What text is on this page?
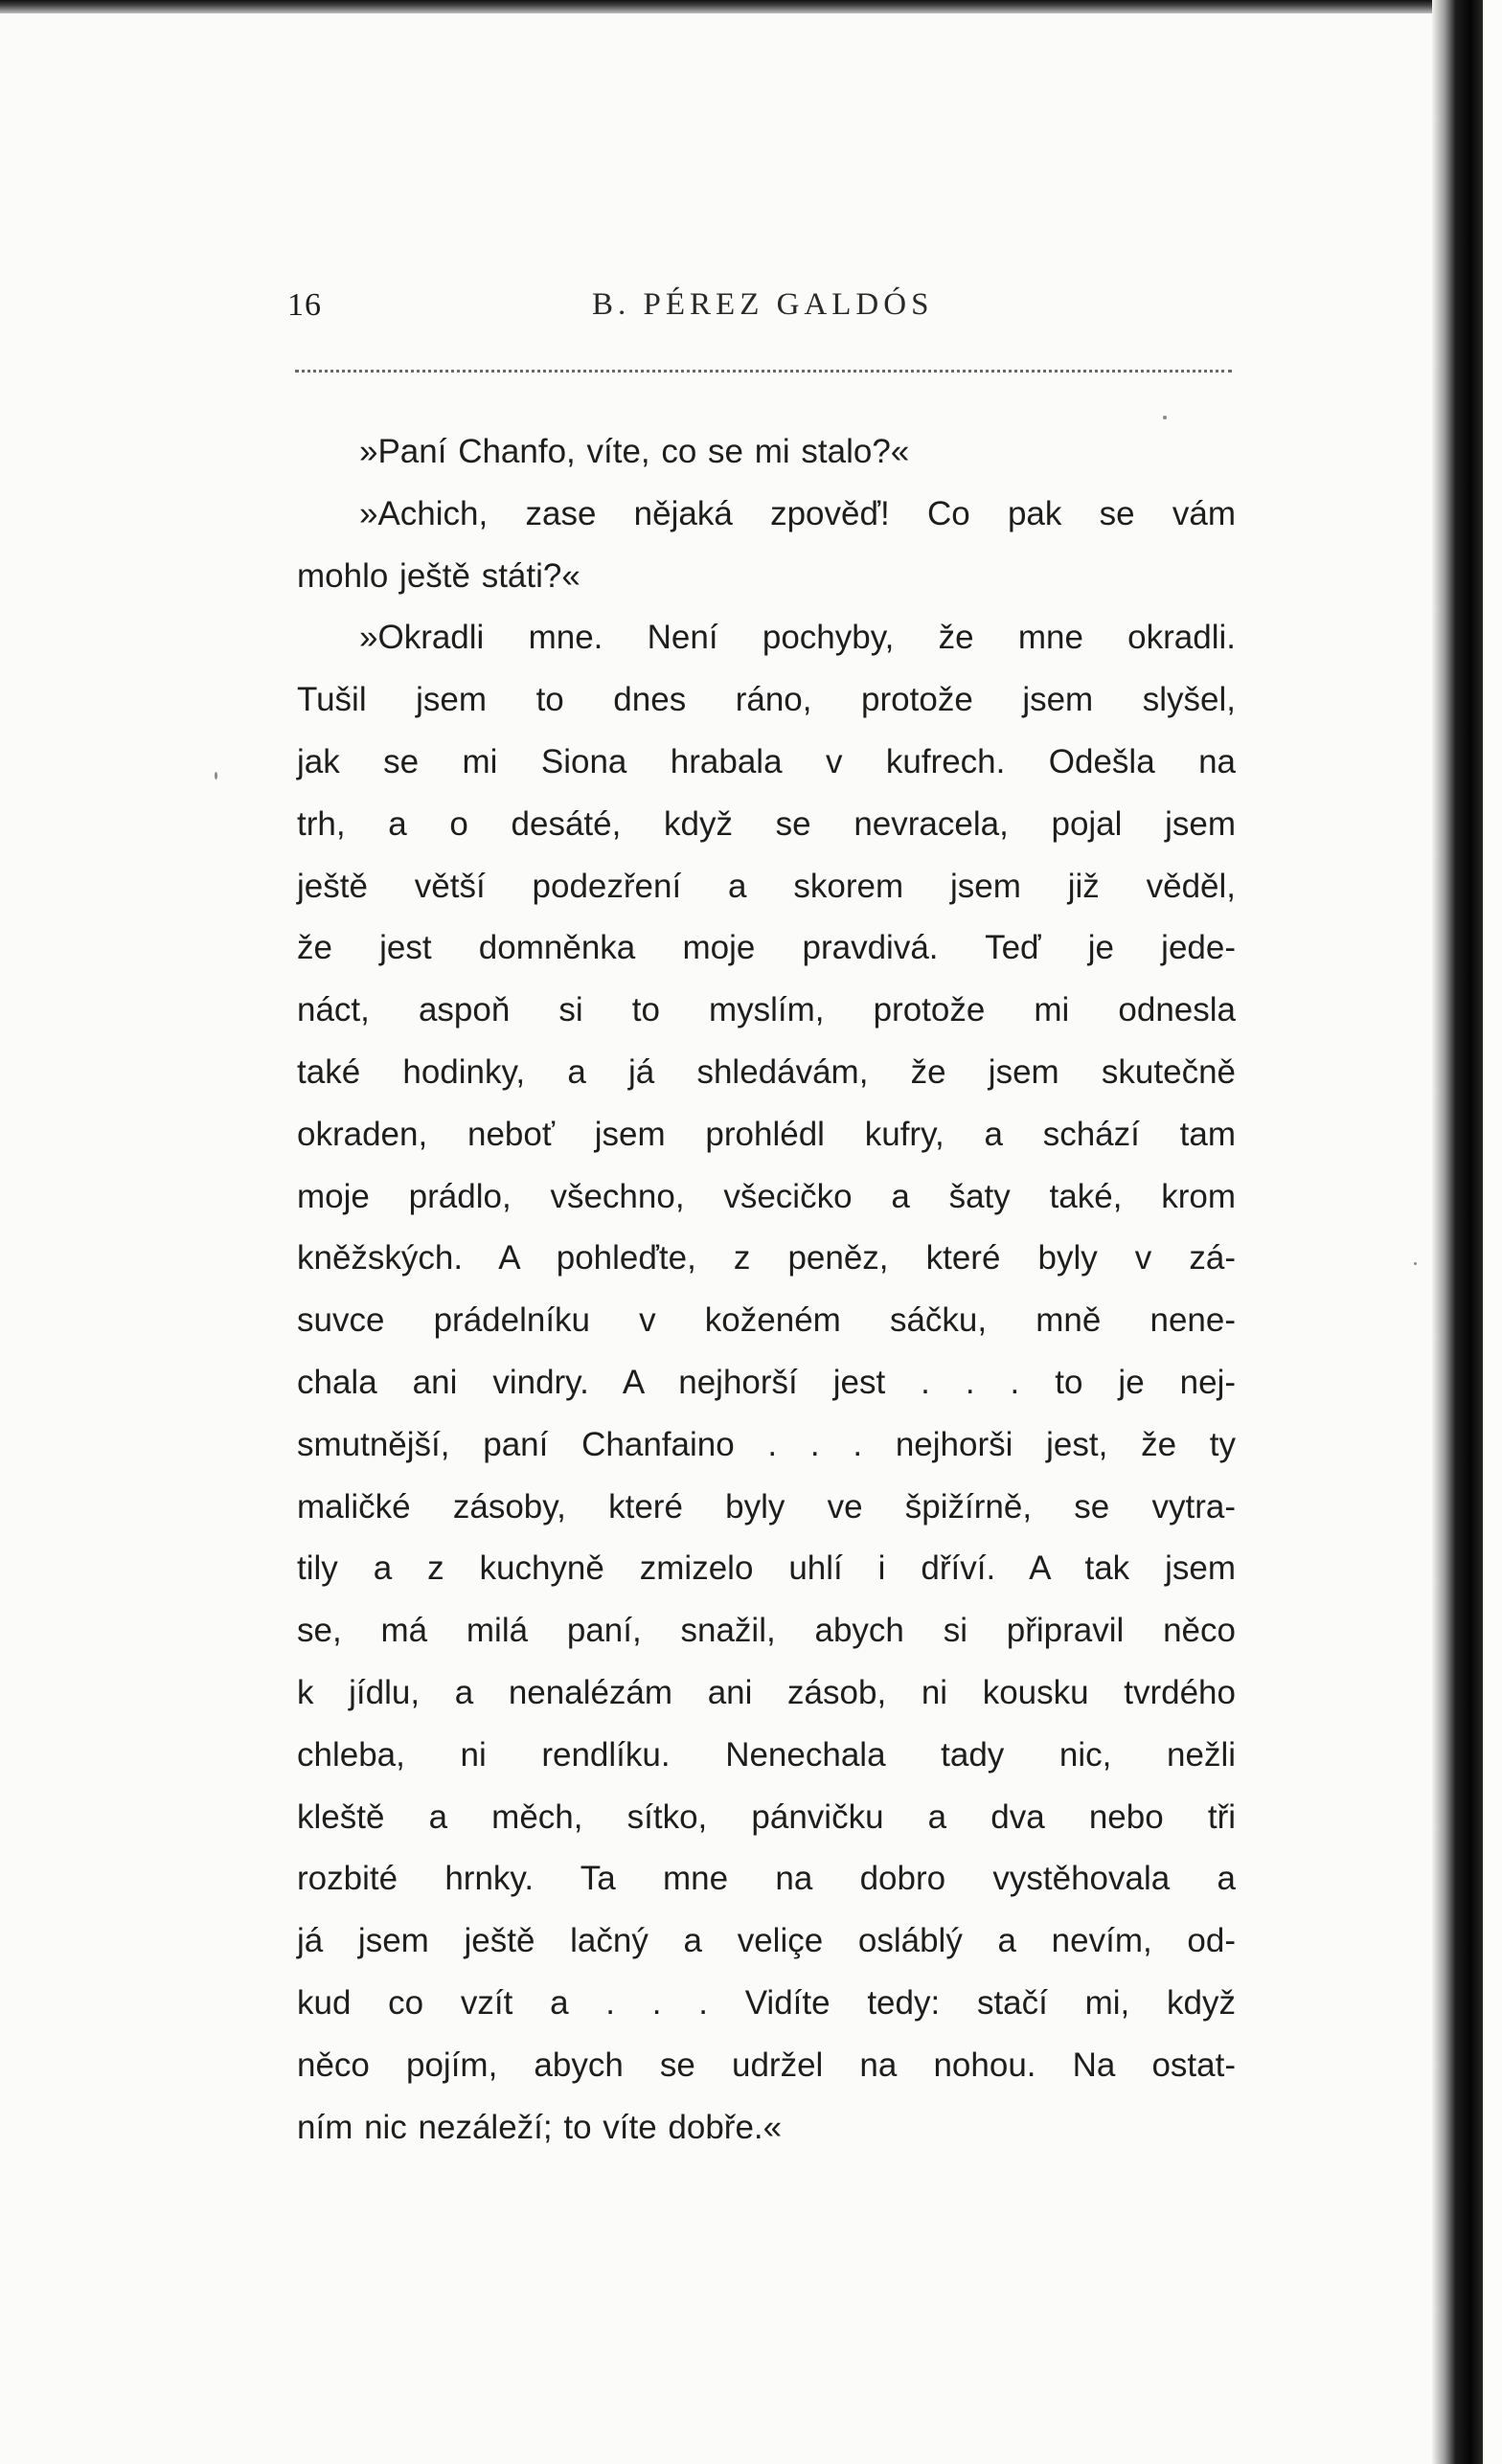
16	B. PÉREZ GALDÓS
»Paní Chanfo, víte, co se mi stalo?«
»Achich, zase nějaká zpověď! Co pak se vám
mohlo ještě státi?«
»Okradli mne. Není pochyby, že mne okradli.
Tušil jsem to dnes ráno, protože jsem slyšel,
jak se mi Siona hrabala v kufrech. Odešla na
trh, a o desáté, když se nevracela, pojal jsem
ještě větší podezření a skorem jsem již věděl,
že jest domněnka moje pravdivá. Teď je jede-
náct, aspoň si to myslím, protože mi odnesla
také hodinky, a já shledávám, že jsem skutečně
okraden, neboť jsem prohlédl kufry, a schází tam
moje prádlo, všechno, všecičko a šaty také, krom
kněžských. A pohleďte, z peněz, které byly v zá-
suvce prádelníku v koženém sáčku, mně nene-
chala ani vindry. A nejhorší jest . . . to je nej-
smutnější, paní Chanfaino . . . nejhorši jest, že ty
maličké zásoby, které byly ve špižírně, se vytra-
tily a z kuchyně zmizelo uhlí i dříví. A tak jsem
se, má milá paní, snažil, abych si připravil něco
k jídlu, a nenalézám ani zásob, ni kousku tvrdého
chleba, ni rendlíku. Nenechala tady nic, nežli
kleště a měch, sítko, pánvičku a dva nebo tři
rozbité hrnky. Ta mne na dobro vystěhovala a
já jsem ještě lačný a veliçe osláblý a nevím, od-
kud co vzít a . . . Vidíte tedy: stačí mi, když
něco pojím, abych se udržel na nohou. Na ostat-
ním nic nezáleží; to víte dobře.«
